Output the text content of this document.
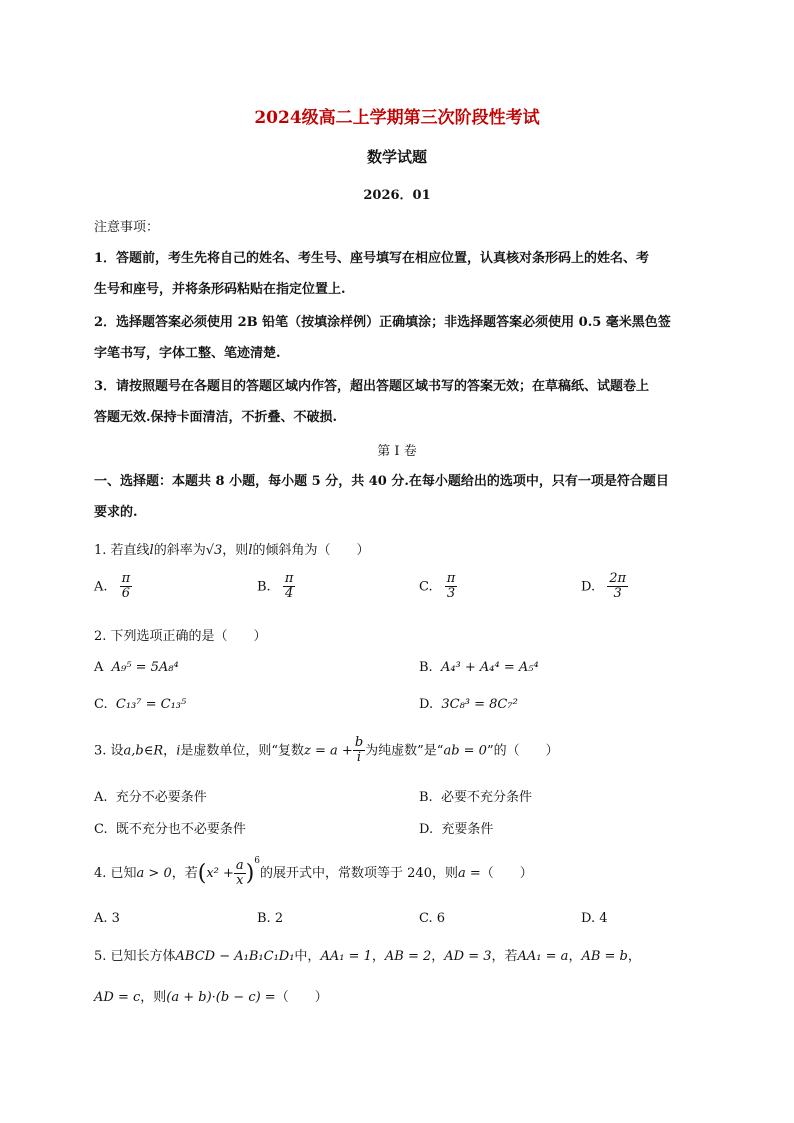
2024级高二上学期第三次阶段性考试
数学试题
2026．01
注意事项：
1．答题前，考生先将自己的姓名、考生号、座号填写在相应位置，认真核对条形码上的姓名、考
生号和座号，并将条形码粘贴在指定位置上.
2．选择题答案必须使用 2B 铅笔（按填涂样例）正确填涂；非选择题答案必须使用 0.5 毫米黑色签
字笔书写，字体工整、笔迹清楚.
3．请按照题号在各题目的答题区域内作答，超出答题区域书写的答案无效；在草稿纸、试题卷上
答题无效.保持卡面清洁，不折叠、不破损.
第 I 卷
一、选择题：本题共 8 小题，每小题 5 分，共 40 分.在每小题给出的选项中，只有一项是符合题目
要求的.
1. 若直线l的斜率为√3，则l的倾斜角为（　　）
A. $\frac{\pi}{6}$	B. $\frac{\pi}{4}$	C. $\frac{\pi}{3}$	D. $\frac{2\pi}{3}$
2. 下列选项正确的是（　　）
A A₉⁵ = 5A₈⁴	B. A₄³ + A₄⁴ = A₅⁴
C. C₁₃⁷ = C₁₃⁵	D. 3C₈³ = 8C₇²
3. 设a,b∈R，i是虚数单位，则“复数$z = a + \frac{b}{i}$ 为纯虚数”是“ab = 0”的（　　）
A. 充分不必要条件	B. 必要不充分条件
C. 既不充分也不必要条件	D. 充要条件
4. 已知a > 0，若$(x^2 + \frac{a}{x} )^6$的展开式中，常数项等于 240，则a =（　　）
A. 3	B. 2	C. 6	D. 4
5. 已知长方体ABCD − A₁B₁C₁D₁中，AA₁ = 1，AB = 2，AD = 3，若AA₁ = a，AB = b，
AD = c，则(a + b)·(b − c) =（　　）
